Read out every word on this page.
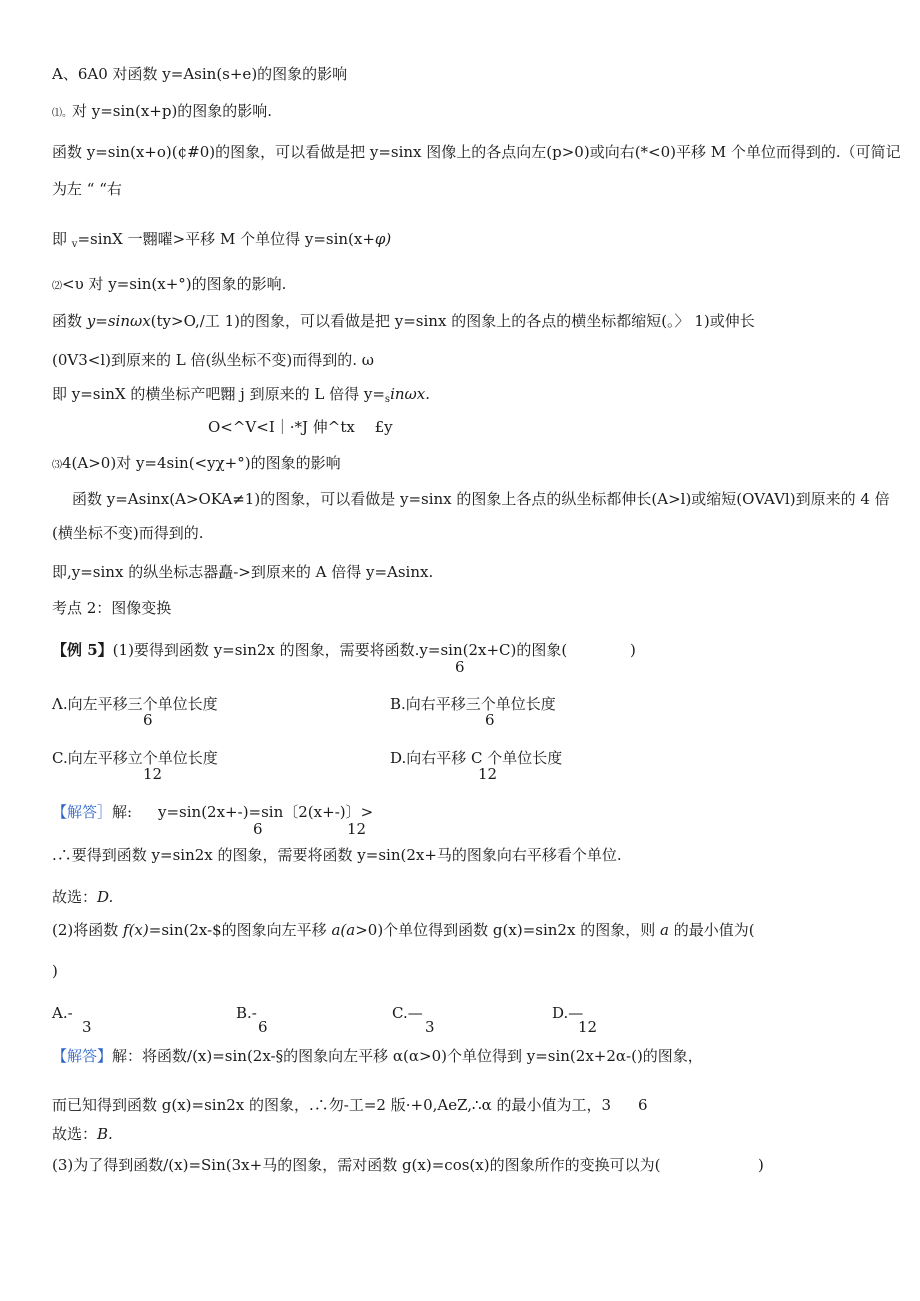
A、6A0 对函数 y=Asin(s+e)的图象的影响
⑴。对 y=sin(x+p)的图象的影响.
函数 y=sin(x+o)(¢#0)的图象，可以看做是把 y=sinx 图像上的各点向左(p>0)或向右(*<0)平移 M 个单位而得到的.（可简记
为左 “ “右
即 $_v$=sinX 一翾嚁>平移 M 个单位得 y=sin(x+φ)
⑵<υ 对 y=sin(x+°)的图象的影响.
函数 y=sinωx(ty>O,/工 1)的图象，可以看做是把 y=sinx 的图象上的各点的横坐标都缩短(。〉 1)或伸长
(0V3<l)到原来的 L 倍(纵坐标不变)而得到的. ω
即 y=sinX 的横坐标产吧翾 j 到原来的 L 倍得 $y=_sin\omega x$.
O<^V<I｜·*J 伸^tx　 £y
⑶4(A>0)对 y=4sin(<yχ+°)的图象的影响
函数 y=Asinx(A>OKA≠1)的图象，可以看做是 y=sinx 的图象上各点的纵坐标都伸长(A>l)或缩短(OVAVl)到原来的 4 倍
(横坐标不变)而得到的.
即,y=sinx 的纵坐标志器矗->到原来的 A 倍得 y=Asinx.
考点 2：图像变换
【例 5】(1)要得到函数 y=sin2x 的图象，需要将函数.y=sin(2x+C)的图象(	)
6
Λ.向左平移三个单位长度
6
B.向右平移三个单位长度
6
C.向左平移立个单位长度
12
D.向右平移 C 个单位长度
12
【解答］解: y=sin(2x+-)=sin〔2(x+-)〕>
6	12
.∴要得到函数 y=sin2x 的图象，需要将函数 y=sin(2x+马的图象向右平移看个单位.
故选：D.
(2)将函数 f(x)=sin(2x-$的图象向左平移 a(a>0)个单位得到函数 g(x)=sin2x 的图象，则 a 的最小值为(
)
A.-
3
B.-
6
C.—
3
D.—
12
【解答】解：将函数/(x)=sin(2x-§的图象向左平移 α(α>0)个单位得到 y=sin(2x+2α-()的图象，
而已知得到函数 g(x)=sin2x 的图象，.∴勿-工=2 版·+0,AeZ,∴α 的最小值为工，3 6
故选：B.
(3)为了得到函数/(x)=Sin(3x+马的图象，需对函数 g(x)=cos(x)的图象所作的变换可以为(	)
